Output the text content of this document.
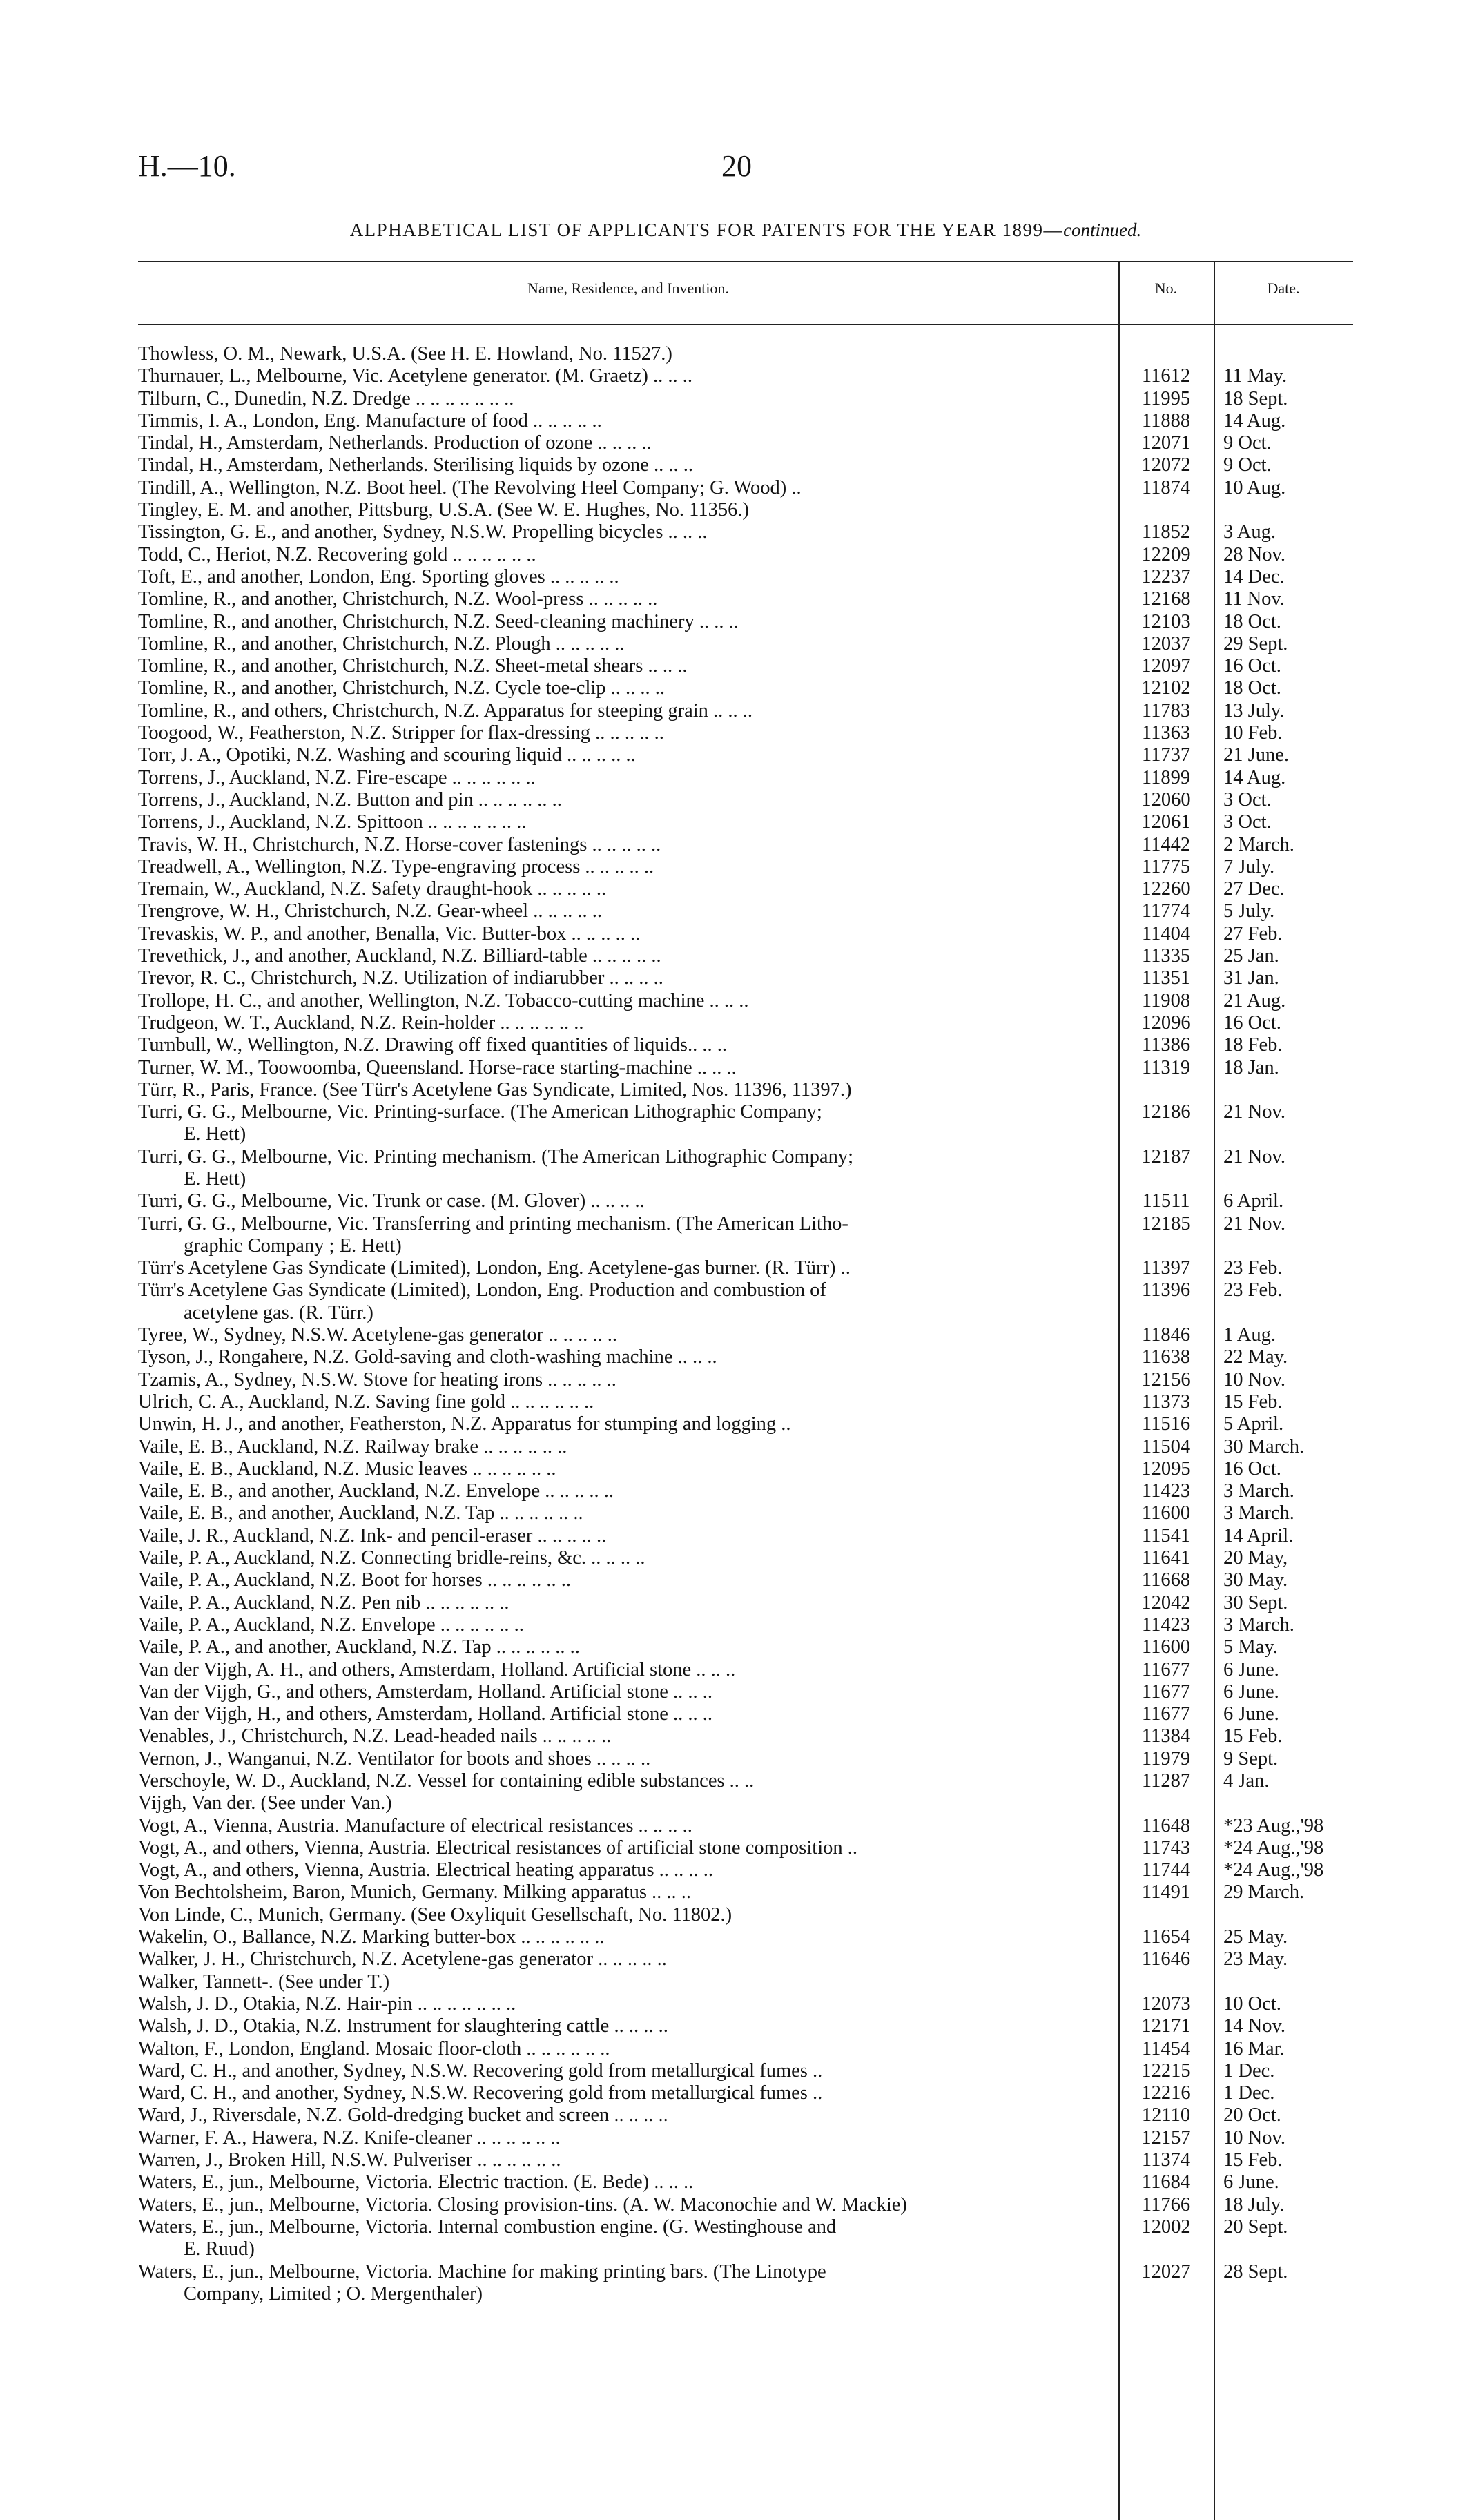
H.—10.	20
ALPHABETICAL LIST OF APPLICANTS FOR PATENTS FOR THE YEAR 1899—continued.
Name, Residence, and Invention.	No.	Date.
Thowless, O. M., Newark, U.S.A. (See H. E. Howland, No. 11527.)
Thurnauer, L., Melbourne, Vic. Acetylene generator. (M. Graetz) .. .. ..	11612	11 May.
Tilburn, C., Dunedin, N.Z. Dredge .. .. .. .. .. .. ..	11995	18 Sept.
Timmis, I. A., London, Eng. Manufacture of food .. .. .. .. ..	11888	14 Aug.
Tindal, H., Amsterdam, Netherlands. Production of ozone .. .. .. ..	12071	9 Oct.
Tindal, H., Amsterdam, Netherlands. Sterilising liquids by ozone .. .. ..	12072	9 Oct.
Tindill, A., Wellington, N.Z. Boot heel. (The Revolving Heel Company; G. Wood) ..	11874	10 Aug.
Tingley, E. M. and another, Pittsburg, U.S.A. (See W. E. Hughes, No. 11356.)
Tissington, G. E., and another, Sydney, N.S.W. Propelling bicycles .. .. ..	11852	3 Aug.
Todd, C., Heriot, N.Z. Recovering gold .. .. .. .. .. ..	12209	28 Nov.
Toft, E., and another, London, Eng. Sporting gloves .. .. .. .. ..	12237	14 Dec.
Tomline, R., and another, Christchurch, N.Z. Wool-press .. .. .. .. ..	12168	11 Nov.
Tomline, R., and another, Christchurch, N.Z. Seed-cleaning machinery .. .. ..	12103	18 Oct.
Tomline, R., and another, Christchurch, N.Z. Plough .. .. .. .. ..	12037	29 Sept.
Tomline, R., and another, Christchurch, N.Z. Sheet-metal shears .. .. ..	12097	16 Oct.
Tomline, R., and another, Christchurch, N.Z. Cycle toe-clip .. .. .. ..	12102	18 Oct.
Tomline, R., and others, Christchurch, N.Z. Apparatus for steeping grain .. .. ..	11783	13 July.
Toogood, W., Featherston, N.Z. Stripper for flax-dressing .. .. .. .. ..	11363	10 Feb.
Torr, J. A., Opotiki, N.Z. Washing and scouring liquid .. .. .. .. ..	11737	21 June.
Torrens, J., Auckland, N.Z. Fire-escape .. .. .. .. .. ..	11899	14 Aug.
Torrens, J., Auckland, N.Z. Button and pin .. .. .. .. .. ..	12060	3 Oct.
Torrens, J., Auckland, N.Z. Spittoon .. .. .. .. .. .. ..	12061	3 Oct.
Travis, W. H., Christchurch, N.Z. Horse-cover fastenings .. .. .. .. ..	11442	2 March.
Treadwell, A., Wellington, N.Z. Type-engraving process .. .. .. .. ..	11775	7 July.
Tremain, W., Auckland, N.Z. Safety draught-hook .. .. .. .. ..	12260	27 Dec.
Trengrove, W. H., Christchurch, N.Z. Gear-wheel .. .. .. .. ..	11774	5 July.
Trevaskis, W. P., and another, Benalla, Vic. Butter-box .. .. .. .. ..	11404	27 Feb.
Trevethick, J., and another, Auckland, N.Z. Billiard-table .. .. .. .. ..	11335	25 Jan.
Trevor, R. C., Christchurch, N.Z. Utilization of indiarubber .. .. .. ..	11351	31 Jan.
Trollope, H. C., and another, Wellington, N.Z. Tobacco-cutting machine .. .. ..	11908	21 Aug.
Trudgeon, W. T., Auckland, N.Z. Rein-holder .. .. .. .. .. ..	12096	16 Oct.
Turnbull, W., Wellington, N.Z. Drawing off fixed quantities of liquids.. .. ..	11386	18 Feb.
Turner, W. M., Toowoomba, Queensland. Horse-race starting-machine .. .. ..	11319	18 Jan.
Türr, R., Paris, France. (See Türr's Acetylene Gas Syndicate, Limited, Nos. 11396, 11397.)
Turri, G. G., Melbourne, Vic. Printing-surface. (The American Lithographic Company;
E. Hett)
12186	21 Nov.
Turri, G. G., Melbourne, Vic. Printing mechanism. (The American Lithographic Company;
E. Hett)
12187	21 Nov.
Turri, G. G., Melbourne, Vic. Trunk or case. (M. Glover) .. .. .. ..	11511	6 April.
Turri, G. G., Melbourne, Vic. Transferring and printing mechanism. (The American Litho-
graphic Company ; E. Hett)
12185	21 Nov.
Türr's Acetylene Gas Syndicate (Limited), London, Eng. Acetylene-gas burner. (R. Türr) ..	11397	23 Feb.
Türr's Acetylene Gas Syndicate (Limited), London, Eng. Production and combustion of
acetylene gas. (R. Türr.)
11396	23 Feb.
Tyree, W., Sydney, N.S.W. Acetylene-gas generator .. .. .. .. ..	11846	1 Aug.
Tyson, J., Rongahere, N.Z. Gold-saving and cloth-washing machine .. .. ..	11638	22 May.
Tzamis, A., Sydney, N.S.W. Stove for heating irons .. .. .. .. ..	12156	10 Nov.
Ulrich, C. A., Auckland, N.Z. Saving fine gold .. .. .. .. .. ..	11373	15 Feb.
Unwin, H. J., and another, Featherston, N.Z. Apparatus for stumping and logging ..	11516	5 April.
Vaile, E. B., Auckland, N.Z. Railway brake .. .. .. .. .. ..	11504	30 March.
Vaile, E. B., Auckland, N.Z. Music leaves .. .. .. .. .. ..	12095	16 Oct.
Vaile, E. B., and another, Auckland, N.Z. Envelope .. .. .. .. ..	11423	3 March.
Vaile, E. B., and another, Auckland, N.Z. Tap .. .. .. .. .. ..	11600	3 March.
Vaile, J. R., Auckland, N.Z. Ink- and pencil-eraser .. .. .. .. ..	11541	14 April.
Vaile, P. A., Auckland, N.Z. Connecting bridle-reins, &c. .. .. .. ..	11641	20 May,
Vaile, P. A., Auckland, N.Z. Boot for horses .. .. .. .. .. ..	11668	30 May.
Vaile, P. A., Auckland, N.Z. Pen nib .. .. .. .. .. ..	12042	30 Sept.
Vaile, P. A., Auckland, N.Z. Envelope .. .. .. .. .. ..	11423	3 March.
Vaile, P. A., and another, Auckland, N.Z. Tap .. .. .. .. .. ..	11600	5 May.
Van der Vijgh, A. H., and others, Amsterdam, Holland. Artificial stone .. .. ..	11677	6 June.
Van der Vijgh, G., and others, Amsterdam, Holland. Artificial stone .. .. ..	11677	6 June.
Van der Vijgh, H., and others, Amsterdam, Holland. Artificial stone .. .. ..	11677	6 June.
Venables, J., Christchurch, N.Z. Lead-headed nails .. .. .. .. ..	11384	15 Feb.
Vernon, J., Wanganui, N.Z. Ventilator for boots and shoes .. .. .. ..	11979	9 Sept.
Verschoyle, W. D., Auckland, N.Z. Vessel for containing edible substances .. ..	11287	4 Jan.
Vijgh, Van der. (See under Van.)
Vogt, A., Vienna, Austria. Manufacture of electrical resistances .. .. .. ..	11648	*23 Aug.,'98
Vogt, A., and others, Vienna, Austria. Electrical resistances of artificial stone composition ..	11743	*24 Aug.,'98
Vogt, A., and others, Vienna, Austria. Electrical heating apparatus .. .. .. ..	11744	*24 Aug.,'98
Von Bechtolsheim, Baron, Munich, Germany. Milking apparatus .. .. ..	11491	29 March.
Von Linde, C., Munich, Germany. (See Oxyliquit Gesellschaft, No. 11802.)
Wakelin, O., Ballance, N.Z. Marking butter-box .. .. .. .. .. ..	11654	25 May.
Walker, J. H., Christchurch, N.Z. Acetylene-gas generator .. .. .. .. ..	11646	23 May.
Walker, Tannett-. (See under T.)
Walsh, J. D., Otakia, N.Z. Hair-pin .. .. .. .. .. .. ..	12073	10 Oct.
Walsh, J. D., Otakia, N.Z. Instrument for slaughtering cattle .. .. .. ..	12171	14 Nov.
Walton, F., London, England. Mosaic floor-cloth .. .. .. .. .. ..	11454	16 Mar.
Ward, C. H., and another, Sydney, N.S.W. Recovering gold from metallurgical fumes ..	12215	1 Dec.
Ward, C. H., and another, Sydney, N.S.W. Recovering gold from metallurgical fumes ..	12216	1 Dec.
Ward, J., Riversdale, N.Z. Gold-dredging bucket and screen .. .. .. ..	12110	20 Oct.
Warner, F. A., Hawera, N.Z. Knife-cleaner .. .. .. .. .. ..	12157	10 Nov.
Warren, J., Broken Hill, N.S.W. Pulveriser .. .. .. .. .. ..	11374	15 Feb.
Waters, E., jun., Melbourne, Victoria. Electric traction. (E. Bede) .. .. ..	11684	6 June.
Waters, E., jun., Melbourne, Victoria. Closing provision-tins. (A. W. Maconochie and W. Mackie)	11766	18 July.
Waters, E., jun., Melbourne, Victoria. Internal combustion engine. (G. Westinghouse and
E. Ruud)
12002	20 Sept.
Waters, E., jun., Melbourne, Victoria. Machine for making printing bars. (The Linotype
Company, Limited ; O. Mergenthaler)
12027	28 Sept.
